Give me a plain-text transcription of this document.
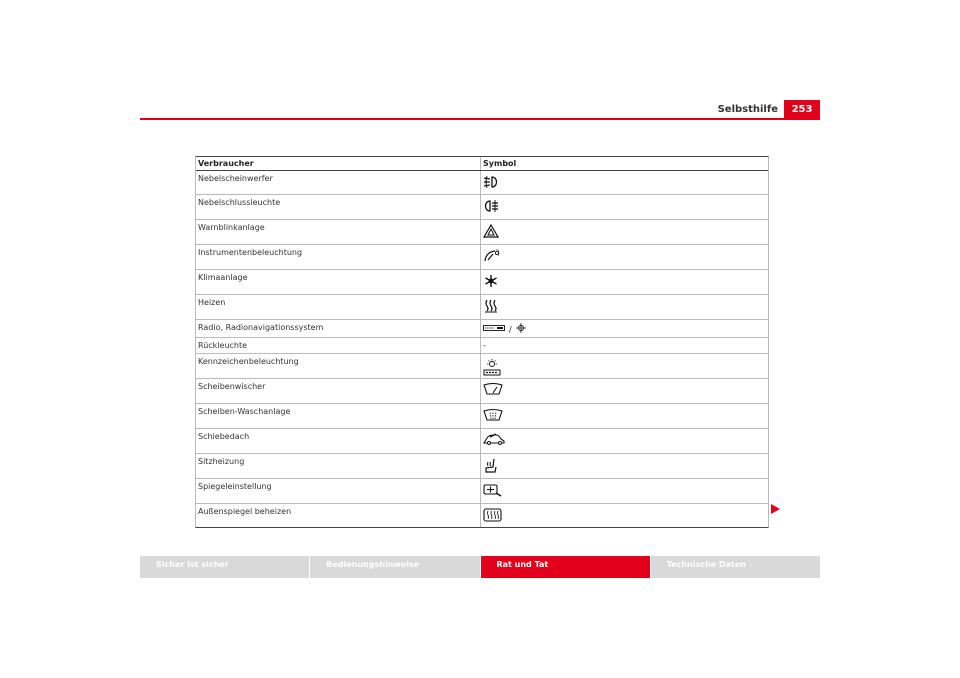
Selbsthilfe	253
Verbraucher	Symbol
Nebelscheinwerfer
Nebelschlussleuchte
Warnblinkanlage
Instrumentenbeleuchtung
Klimaanlage
Heizen
Radio, Radionavigationssystem	/
Rückleuchte	-
Kennzeichenbeleuchtung
Scheibenwischer
Scheiben-Waschanlage
Schiebedach
Sitzheizung
Spiegeleinstellung
Außenspiegel beheizen
Sicher ist sicher	Bedienungshinweise	Rat und Tat	Technische Daten
